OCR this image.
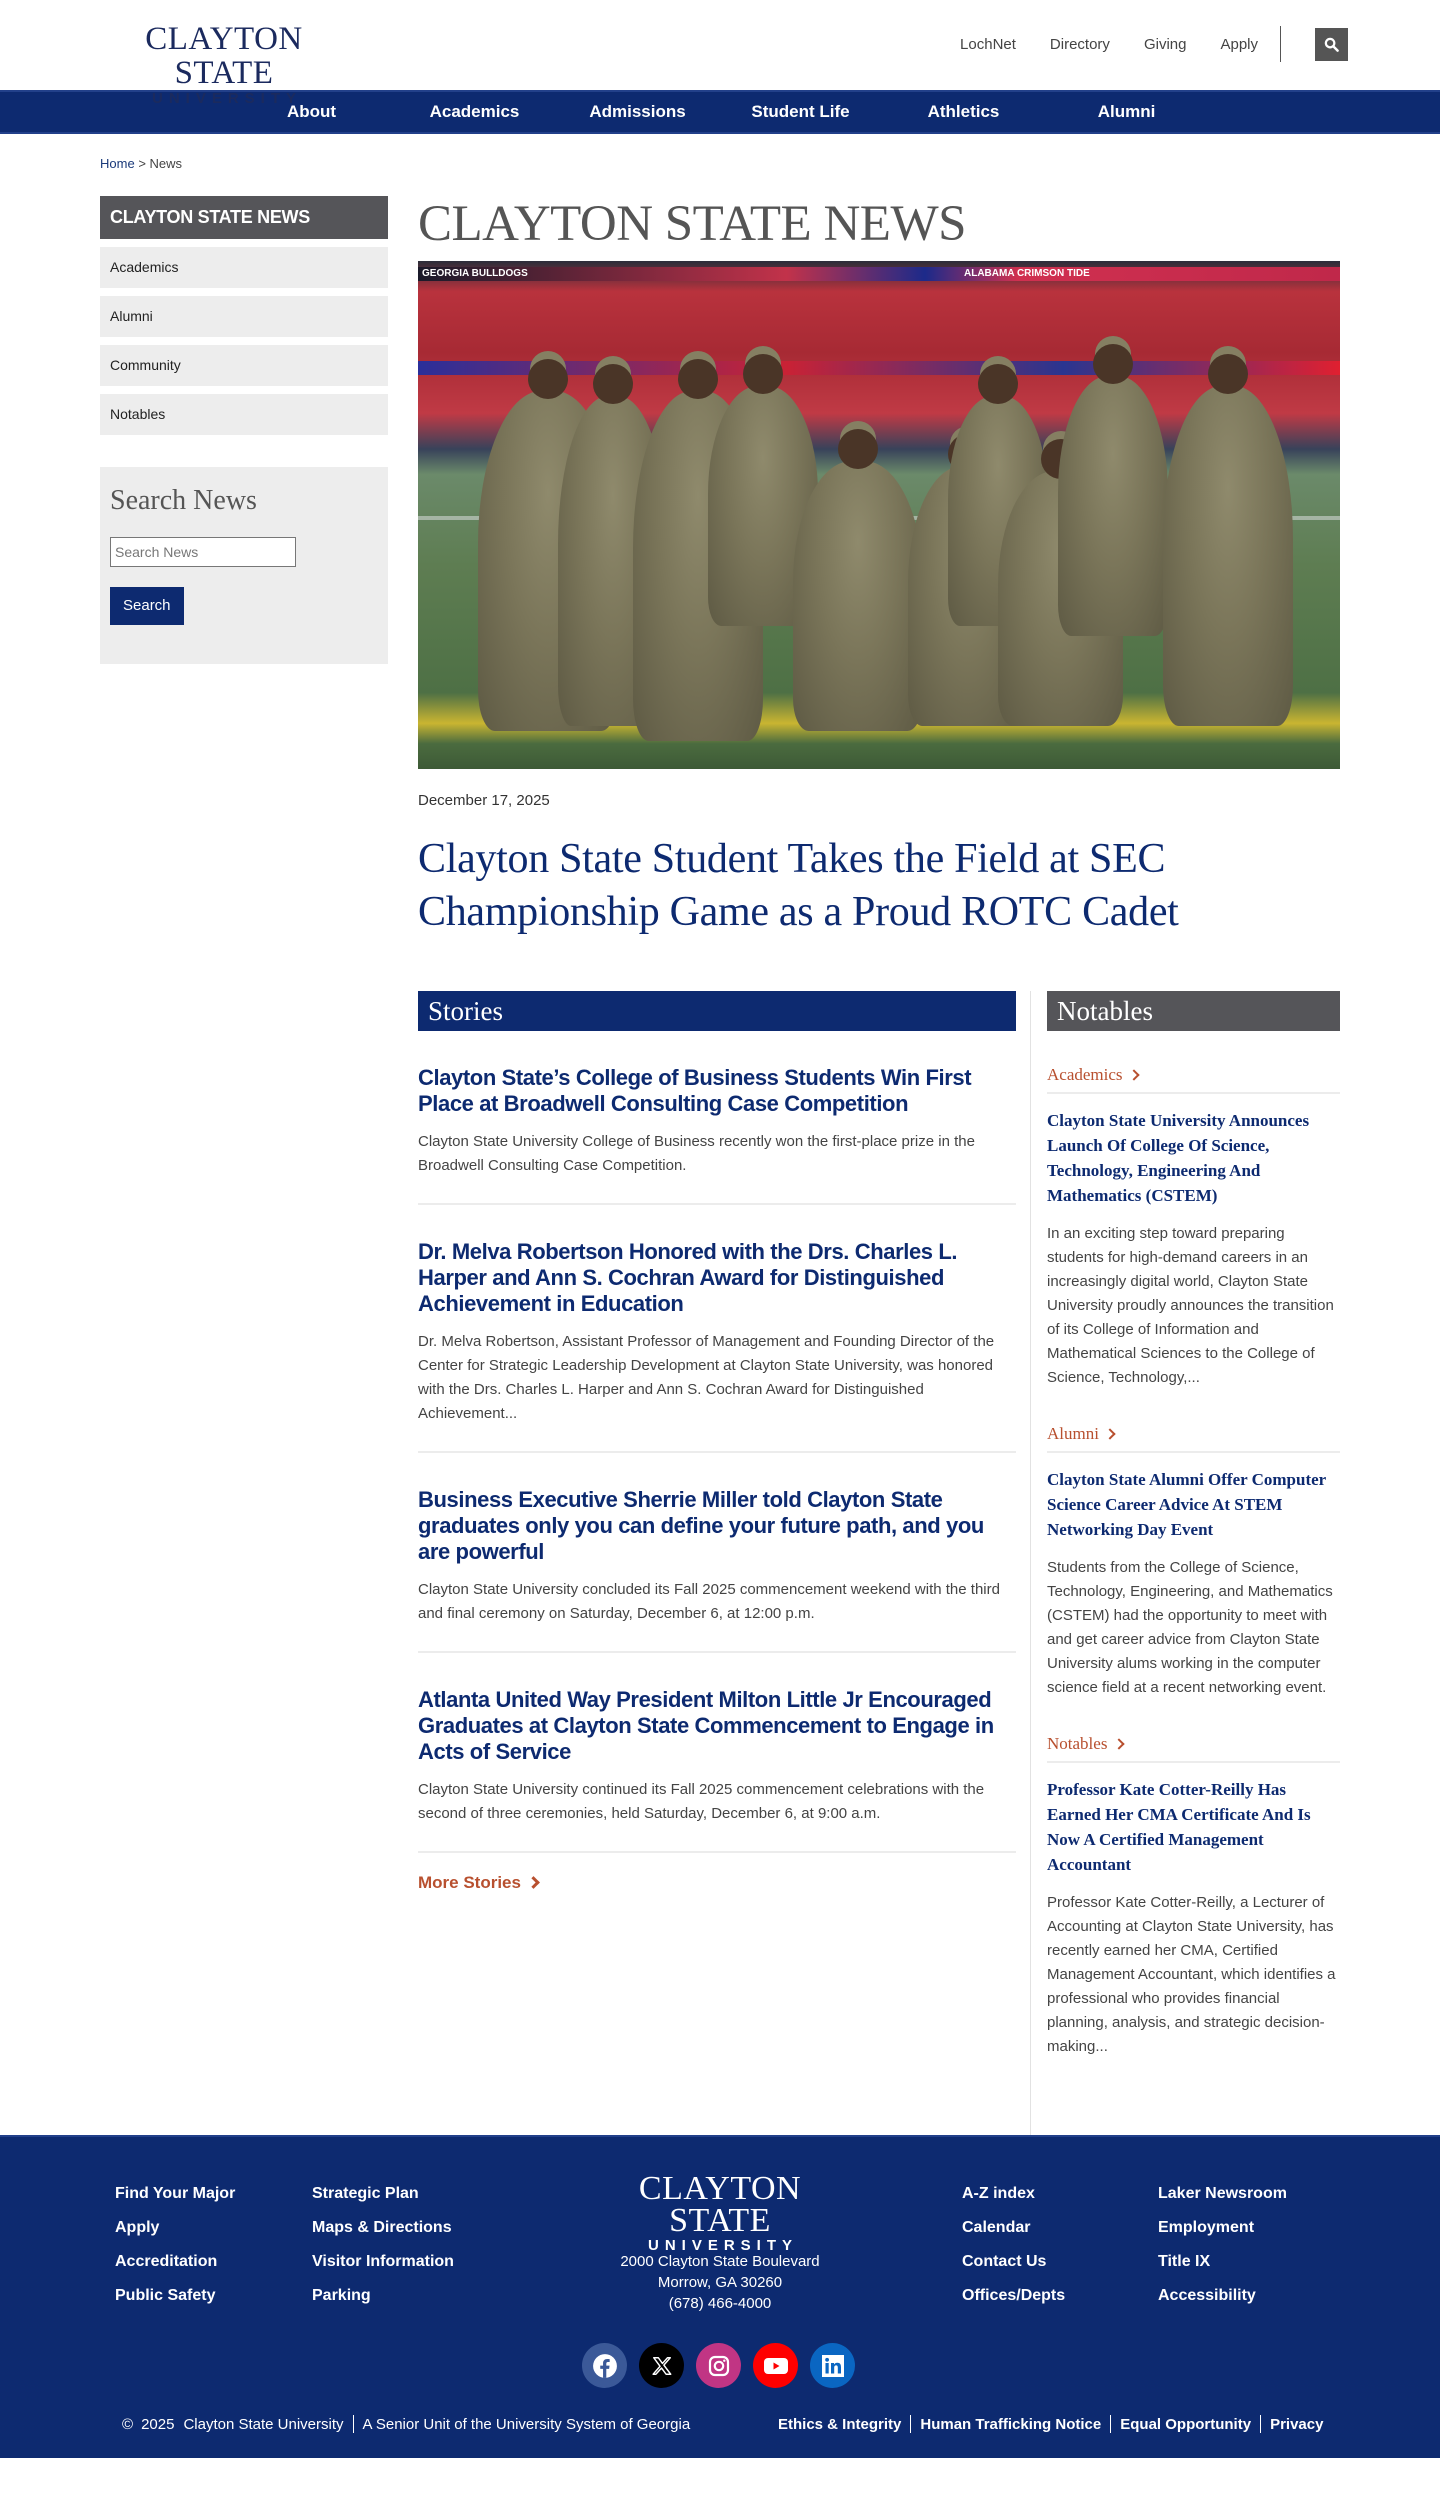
CLAYTON STATE
UNIVERSITY
LochNet Directory Giving Apply
About	Academics	Admissions	Student Life	Athletics	Alumni
Home > News
CLAYTON STATE NEWS
Academics
Alumni
Community
Notables
Search News
Search News Search
CLAYTON STATE NEWS
GEORGIA BULLDOGS	ALABAMA CRIMSON TIDE
December 17, 2025
Clayton State Student Takes the Field at SEC Championship Game as a Proud ROTC Cadet
Stories
Clayton State’s College of Business Students Win First Place at Broadwell Consulting Case Competition

Clayton State University College of Business recently won the first-place prize in the Broadwell Consulting Case Competition.

Dr. Melva Robertson Honored with the Drs. Charles L. Harper and Ann S. Cochran Award for Distinguished Achievement in Education

Dr. Melva Robertson, Assistant Professor of Management and Founding Director of the Center for Strategic Leadership Development at Clayton State University, was honored with the Drs. Charles L. Harper and Ann S. Cochran Award for Distinguished Achievement...

Business Executive Sherrie Miller told Clayton State graduates only you can define your future path, and you are powerful

Clayton State University concluded its Fall 2025 commencement weekend with the third and final ceremony on Saturday, December 6, at 12:00 p.m.

Atlanta United Way President Milton Little Jr Encouraged Graduates at Clayton State Commencement to Engage in Acts of Service

Clayton State University continued its Fall 2025 commencement celebrations with the second of three ceremonies, held Saturday, December 6, at 9:00 a.m.

More Stories
Notables
Academics
Clayton State University Announces Launch Of College Of Science, Technology, Engineering And Mathematics (CSTEM)

In an exciting step toward preparing students for high-demand careers in an increasingly digital world, Clayton State University proudly announces the transition of its College of Information and Mathematical Sciences to the College of Science, Technology,...

Alumni
Clayton State Alumni Offer Computer Science Career Advice At STEM Networking Day Event

Students from the College of Science, Technology, Engineering, and Mathematics (CSTEM) had the opportunity to meet with and get career advice from Clayton State University alums working in the computer science field at a recent networking event.

Notables
Professor Kate Cotter-Reilly Has Earned Her CMA Certificate And Is Now A Certified Management Accountant

Professor Kate Cotter-Reilly, a Lecturer of Accounting at Clayton State University, has recently earned her CMA, Certified Management Accountant, which identifies a professional who provides financial planning, analysis, and strategic decision-making...

Find Your Major
Apply
Accreditation
Public Safety
Strategic Plan
Maps & Directions
Visitor Information
Parking
CLAYTON STATE
UNIVERSITY
2000 Clayton State Boulevard
Morrow, GA 30260
(678) 466-4000
A-Z index
Calendar
Contact Us
Offices/Depts
Laker Newsroom
Employment
Title IX
Accessibility
© 2025 Clayton State University A Senior Unit of the University System of Georgia	Ethics & Integrity Human Trafficking Notice Equal Opportunity Privacy
